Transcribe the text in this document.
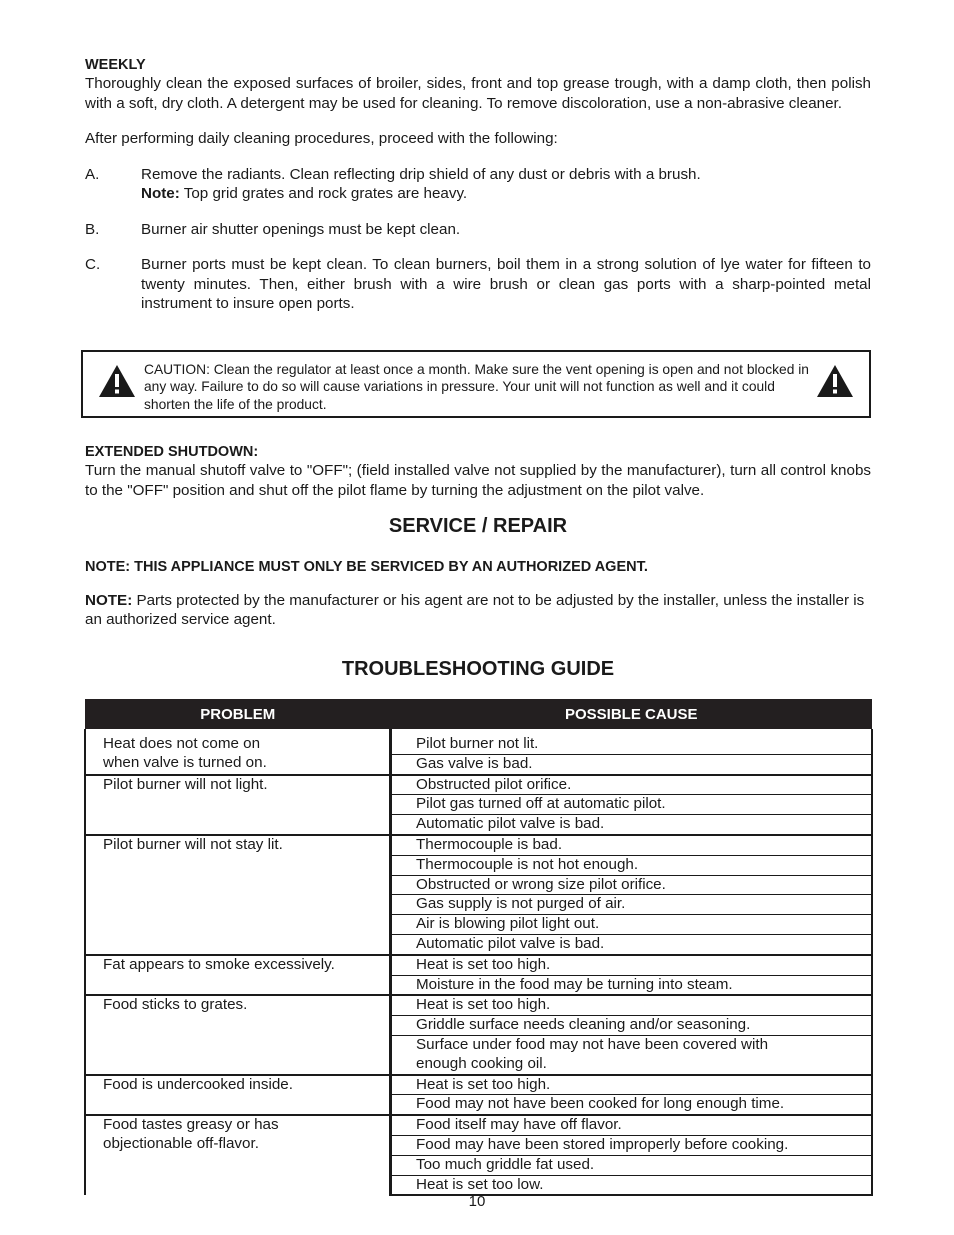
WEEKLY

Thoroughly clean the exposed surfaces of broiler, sides, front and top grease trough, with a damp cloth, then polish with a soft, dry cloth. A detergent may be used for cleaning. To remove discoloration, use a non-abrasive cleaner.

After performing daily cleaning procedures, proceed with the following:

A.	Remove the radiants. Clean reflecting drip shield of any dust or debris with a brush.

Note: Top grid grates and rock grates are heavy.

B.	Burner air shutter openings must be kept clean.

C.	Burner ports must be kept clean. To clean burners, boil them in a strong solution of lye water for fifteen to twenty minutes. Then, either brush with a wire brush or clean gas ports with a sharp-pointed metal instrument to insure open ports.

CAUTION: Clean the regulator at least once a month. Make sure the vent opening is open and not blocked in any way. Failure to do so will cause variations in pressure. Your unit will not function as well and it could shorten the life of the product.

EXTENDED SHUTDOWN:

Turn the manual shutoff valve to "OFF"; (field installed valve not supplied by the manufacturer), turn all control knobs to the "OFF" position and shut off the pilot flame by turning the adjustment on the pilot valve.

SERVICE / REPAIR

NOTE: THIS APPLIANCE MUST ONLY BE SERVICED BY AN AUTHORIZED AGENT.

NOTE: Parts protected by the manufacturer or his agent are not to be adjusted by the installer, unless the installer is an authorized service agent.

TROUBLESHOOTING GUIDE

PROBLEM	POSSIBLE CAUSE
Heat does not come on
when valve is turned on.	Pilot burner not lit.
	Gas valve is bad.
Pilot burner will not light.	Obstructed pilot orifice.
	Pilot gas turned off at automatic pilot.
	Automatic pilot valve is bad.
Pilot burner will not stay lit.	Thermocouple is bad.
	Thermocouple is not hot enough.
	Obstructed or wrong size pilot orifice.
	Gas supply is not purged of air.
	Air is blowing pilot light out.
	Automatic pilot valve is bad.
Fat appears to smoke excessively.	Heat is set too high.
	Moisture in the food may be turning into steam.
Food sticks to grates.	Heat is set too high.
	Griddle surface needs cleaning and/or seasoning.
	Surface under food may not have been covered with
enough cooking oil.
Food is undercooked inside.	Heat is set too high.
	Food may not have been cooked for long enough time.
Food tastes greasy or has
objectionable off-flavor.	Food itself may have off flavor.
	Food may have been stored improperly before cooking.
	Too much griddle fat used.
	Heat is set too low.

10
